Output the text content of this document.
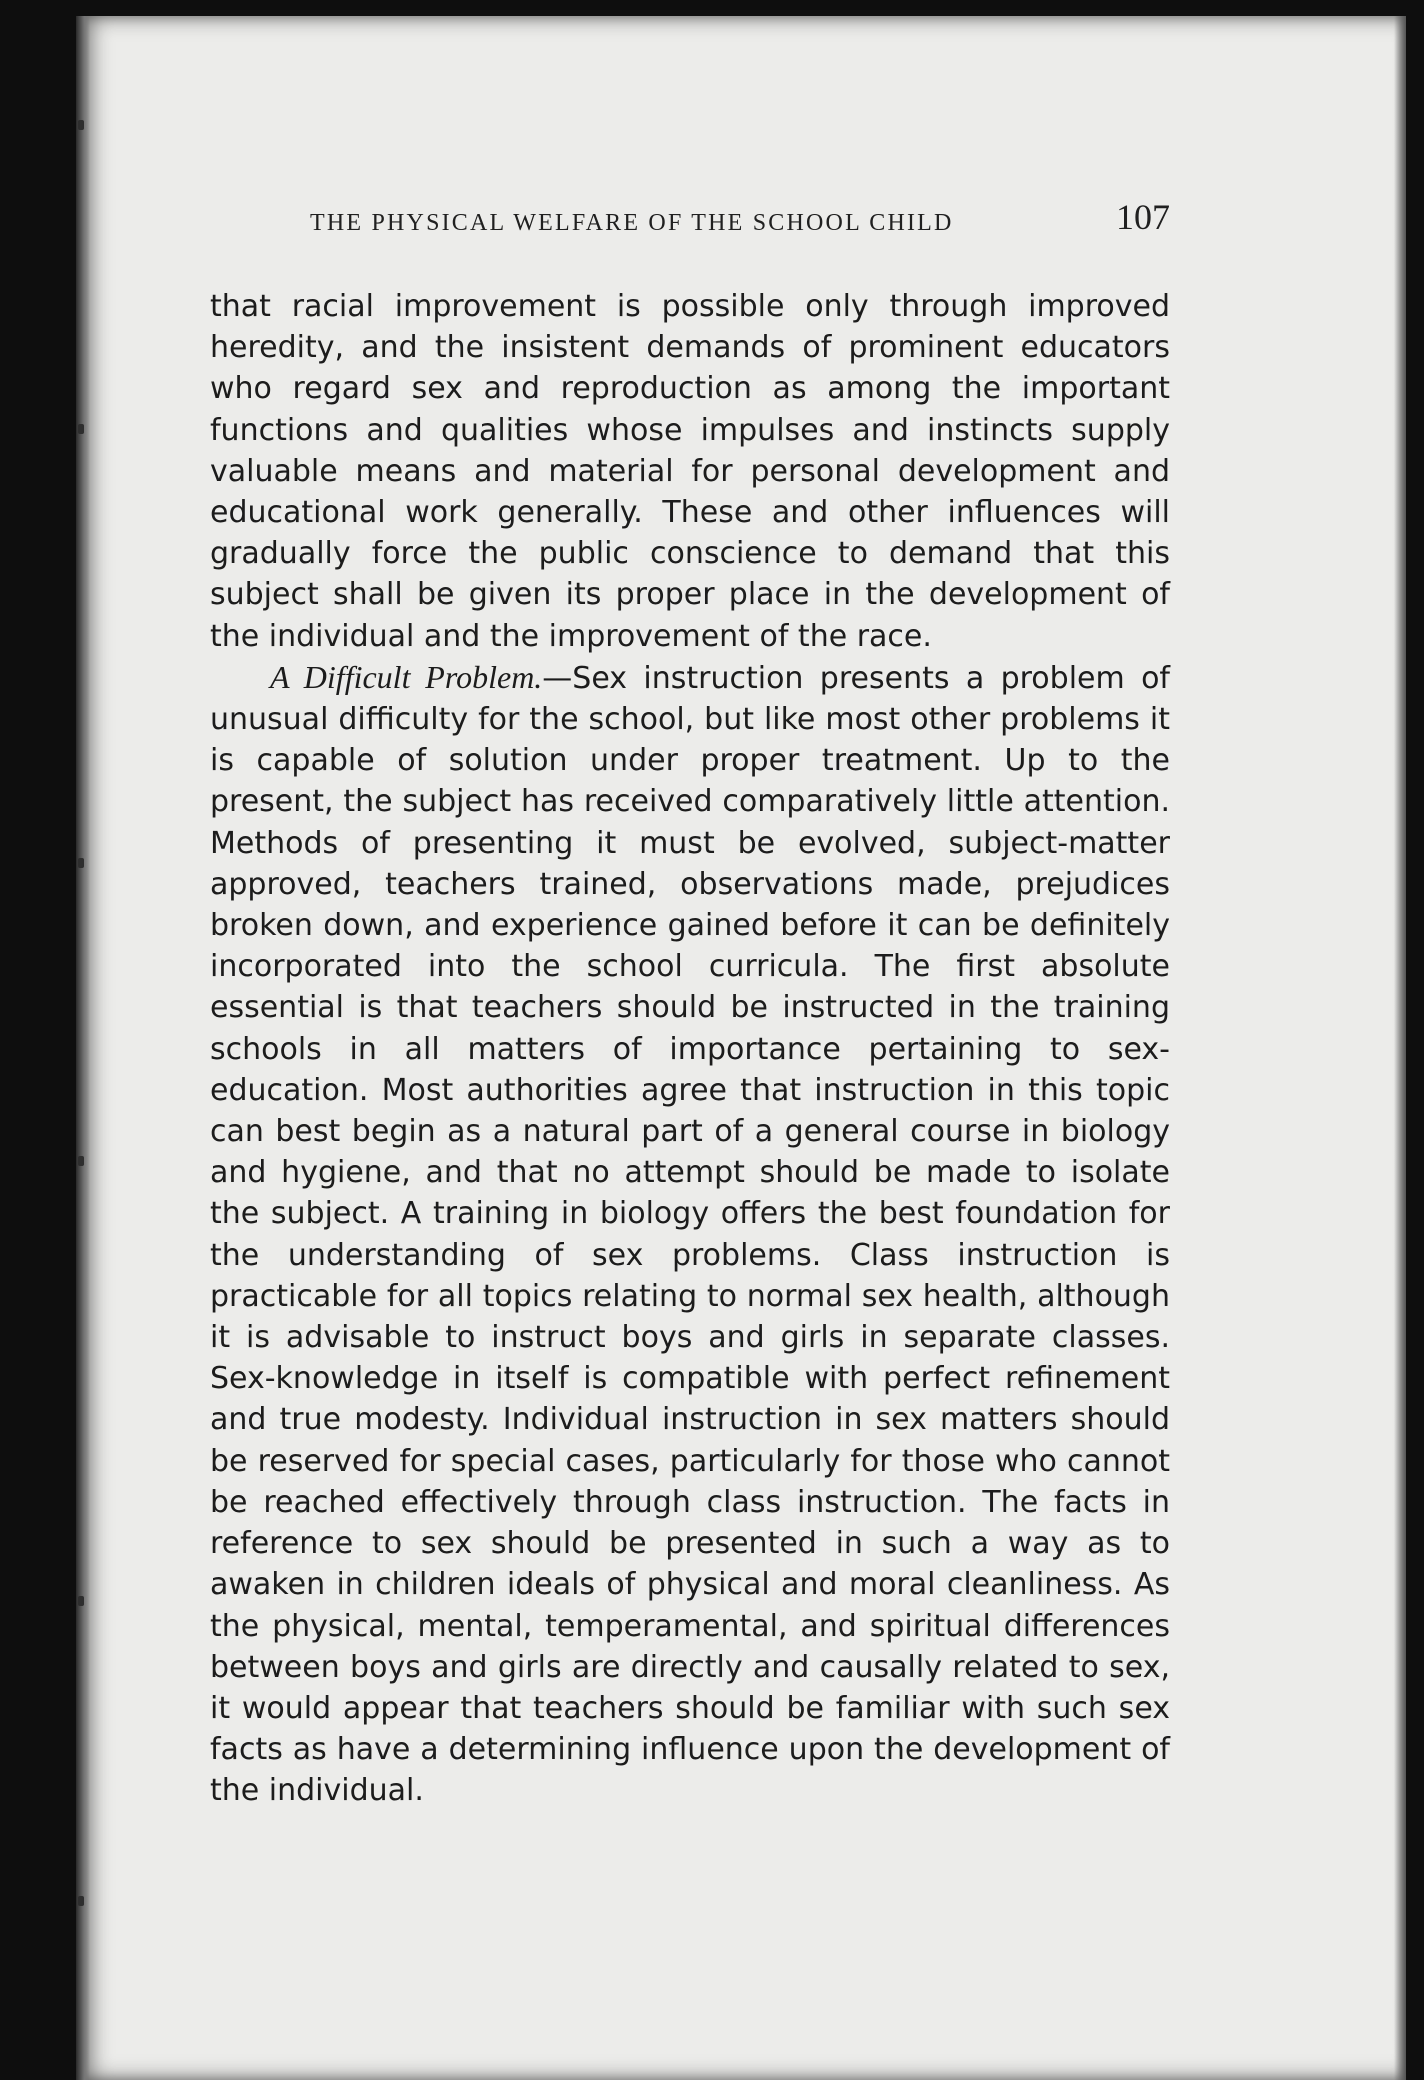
THE PHYSICAL WELFARE OF THE SCHOOL CHILD	107

that racial improvement is possible only through improved heredity, and the insistent demands of prominent educators who regard sex and reproduction as among the important functions and qualities whose impulses and instincts supply valuable means and material for personal development and educational work generally. These and other influences will gradually force the public conscience to demand that this subject shall be given its proper place in the development of the individual and the improvement of the race.

A Difficult Problem.—Sex instruction presents a problem of unusual difficulty for the school, but like most other problems it is capable of solution under proper treatment. Up to the present, the subject has received comparatively little attention. Methods of presenting it must be evolved, subject-matter approved, teachers trained, observations made, prejudices broken down, and experience gained before it can be definitely incorporated into the school curricula. The first absolute essential is that teachers should be instructed in the training schools in all matters of importance pertaining to sex-education. Most authorities agree that instruction in this topic can best begin as a natural part of a general course in biology and hygiene, and that no attempt should be made to isolate the subject. A training in biology offers the best foundation for the understanding of sex problems. Class instruction is practicable for all topics relating to normal sex health, although it is advisable to instruct boys and girls in separate classes. Sex-knowledge in itself is compatible with perfect refinement and true modesty. Individual instruction in sex matters should be reserved for special cases, particularly for those who cannot be reached effectively through class instruction. The facts in reference to sex should be presented in such a way as to awaken in children ideals of physical and moral cleanliness. As the physical, mental, temperamental, and spiritual differences between boys and girls are directly and causally related to sex, it would appear that teachers should be familiar with such sex facts as have a determining influence upon the development of the individual.
